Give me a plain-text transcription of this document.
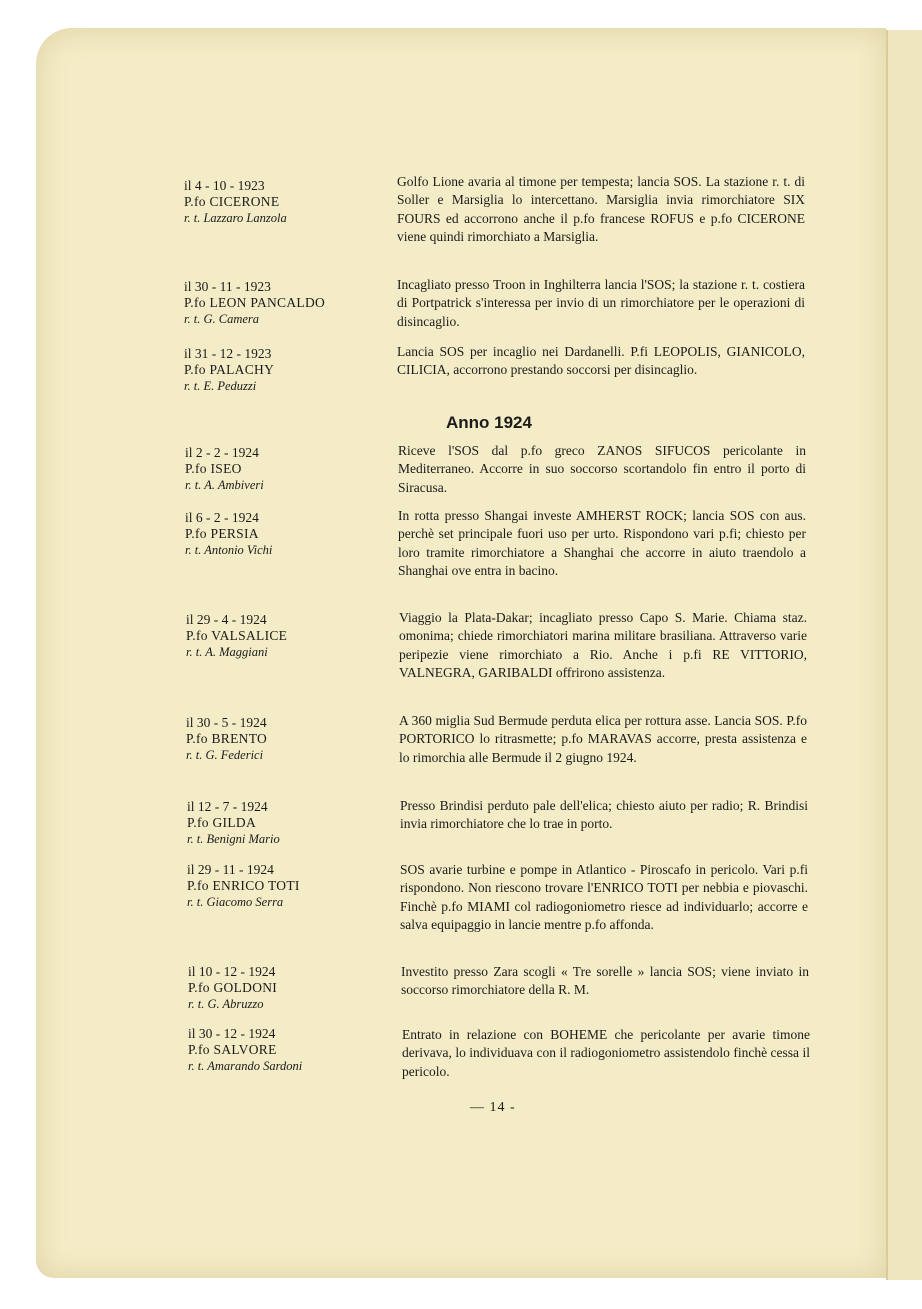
il 4 - 10 - 1923
P.fo CICERONE
r. t. Lazzaro Lanzola
Golfo Lione avaria al timone per tempesta; lancia SOS. La stazione r. t. di Soller e Marsiglia lo intercettano. Marsiglia invia rimorchiatore SIX FOURS ed accorrono anche il p.fo francese ROFUS e p.fo CICERONE viene quindi rimorchiato a Marsiglia.
il 30 - 11 - 1923
P.fo LEON PANCALDO
r. t. G. Camera
Incagliato presso Troon in Inghilterra lancia l'SOS; la stazione r. t. costiera di Portpatrick s'interessa per invio di un rimorchiatore per le operazioni di disincaglio.
il 31 - 12 - 1923
P.fo PALACHY
r. t. E. Peduzzi
Lancia SOS per incaglio nei Dardanelli. P.fi LEOPOLIS, GIANICOLO, CILICIA, accorrono prestando soccorsi per disincaglio.
Anno 1924
il 2 - 2 - 1924
P.fo ISEO
r. t. A. Ambiveri
Riceve l'SOS dal p.fo greco ZANOS SIFUCOS pericolante in Mediterraneo. Accorre in suo soccorso scortandolo fin entro il porto di Siracusa.
il 6 - 2 - 1924
P.fo PERSIA
r. t. Antonio Vichi
In rotta presso Shangai investe AMHERST ROCK; lancia SOS con aus. perchè set principale fuori uso per urto. Rispondono vari p.fi; chiesto per loro tramite rimorchiatore a Shanghai che accorre in aiuto traendolo a Shanghai ove entra in bacino.
il 29 - 4 - 1924
P.fo VALSALICE
r. t. A. Maggiani
Viaggio la Plata-Dakar; incagliato presso Capo S. Marie. Chiama staz. omonima; chiede rimorchiatori marina militare brasiliana. Attraverso varie peripezie viene rimorchiato a Rio. Anche i p.fi RE VITTORIO, VALNEGRA, GARIBALDI offrirono assistenza.
il 30 - 5 - 1924
P.fo BRENTO
r. t. G. Federici
A 360 miglia Sud Bermude perduta elica per rottura asse. Lancia SOS. P.fo PORTORICO lo ritrasmette; p.fo MARAVAS accorre, presta assistenza e lo rimorchia alle Bermude il 2 giugno 1924.
il 12 - 7 - 1924
P.fo GILDA
r. t. Benigni Mario
Presso Brindisi perduto pale dell'elica; chiesto aiuto per radio; R. Brindisi invia rimorchiatore che lo trae in porto.
il 29 - 11 - 1924
P.fo ENRICO TOTI
r. t. Giacomo Serra
SOS avarie turbine e pompe in Atlantico - Piroscafo in pericolo. Vari p.fi rispondono. Non riescono trovare l'ENRICO TOTI per nebbia e piovaschi. Finchè p.fo MIAMI col radiogoniometro riesce ad individuarlo; accorre e salva equipaggio in lancie mentre p.fo affonda.
il 10 - 12 - 1924
P.fo GOLDONI
r. t. G. Abruzzo
Investito presso Zara scogli « Tre sorelle » lancia SOS; viene inviato in soccorso rimorchiatore della R. M.
il 30 - 12 - 1924
P.fo SALVORE
r. t. Amarando Sardoni
Entrato in relazione con BOHEME che pericolante per avarie timone derivava, lo individuava con il radiogoniometro assistendolo finchè cessa il pericolo.
— 14 -
